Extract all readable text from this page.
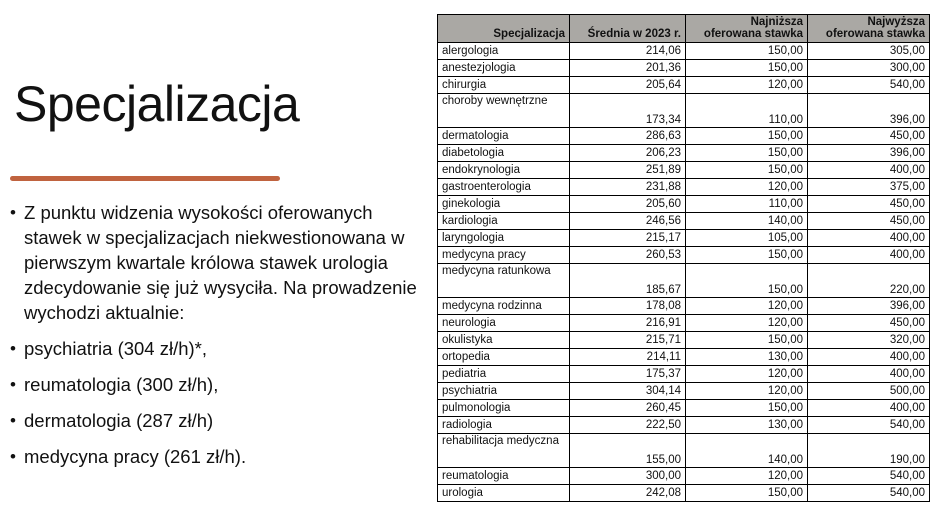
Specjalizacja
• Z punktu widzenia wysokości oferowanych stawek w specjalizacjach niekwestionowana w pierwszym kwartale królowa stawek urologia zdecydowanie się już wysyciła. Na prowadzenie wychodzi aktualnie:
• psychiatria (304 zł/h)*,
• reumatologia (300 zł/h),
• dermatologia (287 zł/h)
• medycyna pracy (261 zł/h).
Specjalizacja	Średnia w 2023 r.	Najniższa oferowana stawka	Najwyższa oferowana stawka
alergologia	214,06	150,00	305,00
anestezjologia	201,36	150,00	300,00
chirurgia	205,64	120,00	540,00
choroby wewnętrzne	173,34	110,00	396,00
dermatologia	286,63	150,00	450,00
diabetologia	206,23	150,00	396,00
endokrynologia	251,89	150,00	400,00
gastroenterologia	231,88	120,00	375,00
ginekologia	205,60	110,00	450,00
kardiologia	246,56	140,00	450,00
laryngologia	215,17	105,00	400,00
medycyna pracy	260,53	150,00	400,00
medycyna ratunkowa	185,67	150,00	220,00
medycyna rodzinna	178,08	120,00	396,00
neurologia	216,91	120,00	450,00
okulistyka	215,71	150,00	320,00
ortopedia	214,11	130,00	400,00
pediatria	175,37	120,00	400,00
psychiatria	304,14	120,00	500,00
pulmonologia	260,45	150,00	400,00
radiologia	222,50	130,00	540,00
rehabilitacja medyczna	155,00	140,00	190,00
reumatologia	300,00	120,00	540,00
urologia	242,08	150,00	540,00
